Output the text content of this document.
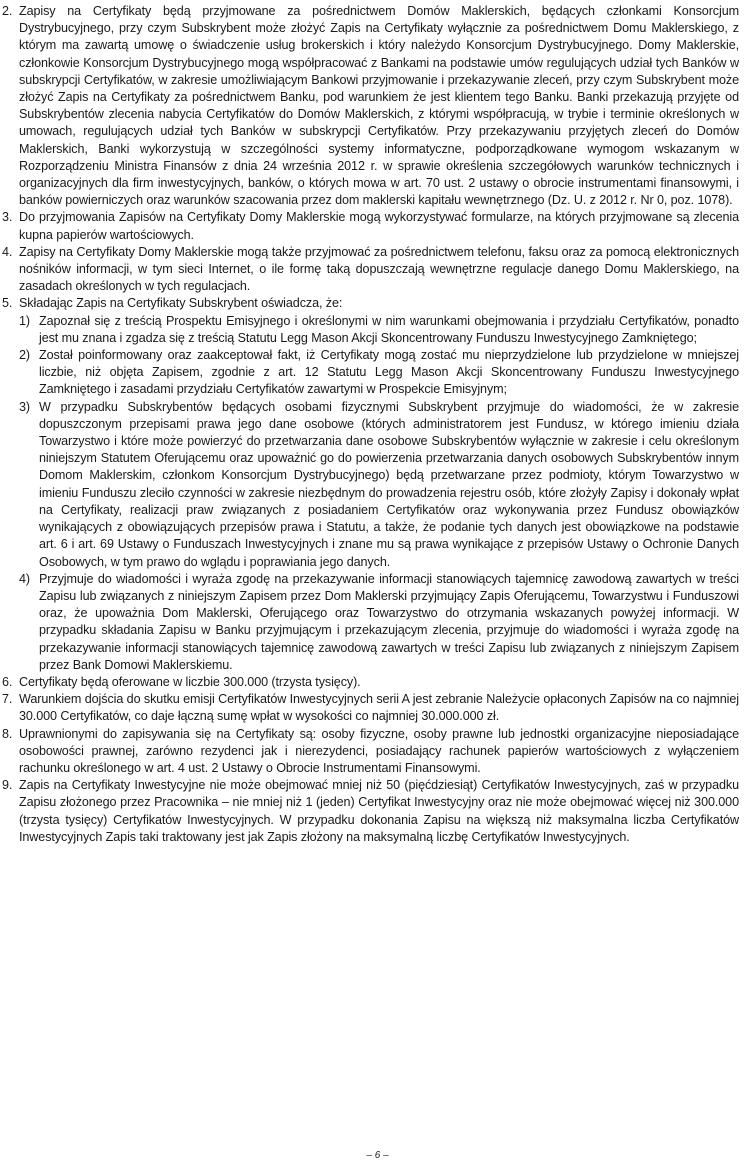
2. Zapisy na Certyfikaty będą przyjmowane za pośrednictwem Domów Maklerskich, będących członkami Konsorcjum Dystrybucyjnego, przy czym Subskrybent może złożyć Zapis na Certyfikaty wyłącznie za pośrednictwem Domu Maklerskiego, z którym ma zawartą umowę o świadczenie usług brokerskich i który należydo Konsorcjum Dystrybucyjnego. Domy Maklerskie, członkowie Konsorcjum Dystrybucyjnego mogą współpracować z Bankami na podstawie umów regulujących udział tych Banków w subskrypcji Certyfikatów, w zakresie umożliwiającym Bankowi przyjmowanie i przekazywanie zleceń, przy czym Subskrybent może złożyć Zapis na Certyfikaty za pośrednictwem Banku, pod warunkiem że jest klientem tego Banku. Banki przekazują przyjęte od Subskrybentów zlecenia nabycia Certyfikatów do Domów Maklerskich, z którymi współpracują, w trybie i terminie określonych w umowach, regulujących udział tych Banków w subskrypcji Certyfikatów. Przy przekazywaniu przyjętych zleceń do Domów Maklerskich, Banki wykorzystują w szczególności systemy informatyczne, podporządkowane wymogom wskazanym w Rozporządzeniu Ministra Finansów z dnia 24 września 2012 r. w sprawie określenia szczegółowych warunków technicznych i organizacyjnych dla firm inwestycyjnych, banków, o których mowa w art. 70 ust. 2 ustawy o obrocie instrumentami finansowymi, i banków powierniczych oraz warunków szacowania przez dom maklerski kapitału wewnętrznego (Dz. U. z 2012 r. Nr 0, poz. 1078).
3. Do przyjmowania Zapisów na Certyfikaty Domy Maklerskie mogą wykorzystywać formularze, na których przyjmowane są zlecenia kupna papierów wartościowych.
4. Zapisy na Certyfikaty Domy Maklerskie mogą także przyjmować za pośrednictwem telefonu, faksu oraz za pomocą elektronicznych nośników informacji, w tym sieci Internet, o ile formę taką dopuszczają wewnętrzne regulacje danego Domu Maklerskiego, na zasadach określonych w tych regulacjach.
5. Składając Zapis na Certyfikaty Subskrybent oświadcza, że:
1) Zapoznał się z treścią Prospektu Emisyjnego i określonymi w nim warunkami obejmowania i przydziału Certyfikatów, ponadto jest mu znana i zgadza się z treścią Statutu Legg Mason Akcji Skoncentrowany Funduszu Inwestycyjnego Zamkniętego;
2) Został poinformowany oraz zaakceptował fakt, iż Certyfikaty mogą zostać mu nieprzydzielone lub przydzielone w mniejszej liczbie, niż objęta Zapisem, zgodnie z art. 12 Statutu Legg Mason Akcji Skoncentrowany Funduszu Inwestycyjnego Zamkniętego i zasadami przydziału Certyfikatów zawartymi w Prospekcie Emisyjnym;
3) W przypadku Subskrybentów będących osobami fizycznymi Subskrybent przyjmuje do wiadomości, że w zakresie dopuszczonym przepisami prawa jego dane osobowe (których administratorem jest Fundusz, w którego imieniu działa Towarzystwo i które może powierzyć do przetwarzania dane osobowe Subskrybentów wyłącznie w zakresie i celu określonym niniejszym Statutem Oferującemu oraz upoważnić go do powierzenia przetwarzania danych osobowych Subskrybentów innym Domom Maklerskim, członkom Konsorcjum Dystrybucyjnego) będą przetwarzane przez podmioty, którym Towarzystwo w imieniu Funduszu zleciło czynności w zakresie niezbędnym do prowadzenia rejestru osób, które złożyły Zapisy i dokonały wpłat na Certyfikaty, realizacji praw związanych z posiadaniem Certyfikatów oraz wykonywania przez Fundusz obowiązków wynikających z obowiązujących przepisów prawa i Statutu, a także, że podanie tych danych jest obowiązkowe na podstawie art. 6 i art. 69 Ustawy o Funduszach Inwestycyjnych i znane mu są prawa wynikające z przepisów Ustawy o Ochronie Danych Osobowych, w tym prawo do wglądu i poprawiania jego danych.
4) Przyjmuje do wiadomości i wyraża zgodę na przekazywanie informacji stanowiących tajemnicę zawodową zawartych w treści Zapisu lub związanych z niniejszym Zapisem przez Dom Maklerski przyjmujący Zapis Oferującemu, Towarzystwu i Funduszowi oraz, że upoważnia Dom Maklerski, Oferującego oraz Towarzystwo do otrzymania wskazanych powyżej informacji. W przypadku składania Zapisu w Banku przyjmującym i przekazującym zlecenia, przyjmuje do wiadomości i wyraża zgodę na przekazywanie informacji stanowiących tajemnicę zawodową zawartych w treści Zapisu lub związanych z niniejszym Zapisem przez Bank Domowi Maklerskiemu.
6. Certyfikaty będą oferowane w liczbie 300.000 (trzysta tysięcy).
7. Warunkiem dojścia do skutku emisji Certyfikatów Inwestycyjnych serii A jest zebranie Należycie opłaconych Zapisów na co najmniej 30.000 Certyfikatów, co daje łączną sumę wpłat w wysokości co najmniej 30.000.000 zł.
8. Uprawnionymi do zapisywania się na Certyfikaty są: osoby fizyczne, osoby prawne lub jednostki organizacyjne nieposiadające osobowości prawnej, zarówno rezydenci jak i nierezydenci, posiadający rachunek papierów wartościowych z wyłączeniem rachunku określonego w art. 4 ust. 2 Ustawy o Obrocie Instrumentami Finansowymi.
9. Zapis na Certyfikaty Inwestycyjne nie może obejmować mniej niż 50 (pięćdziesiąt) Certyfikatów Inwestycyjnych, zaś w przypadku Zapisu złożonego przez Pracownika – nie mniej niż 1 (jeden) Certyfikat Inwestycyjny oraz nie może obejmować więcej niż 300.000 (trzysta tysięcy) Certyfikatów Inwestycyjnych. W przypadku dokonania Zapisu na większą niż maksymalna liczba Certyfikatów Inwestycyjnych Zapis taki traktowany jest jak Zapis złożony na maksymalną liczbę Certyfikatów Inwestycyjnych.
– 6 –
